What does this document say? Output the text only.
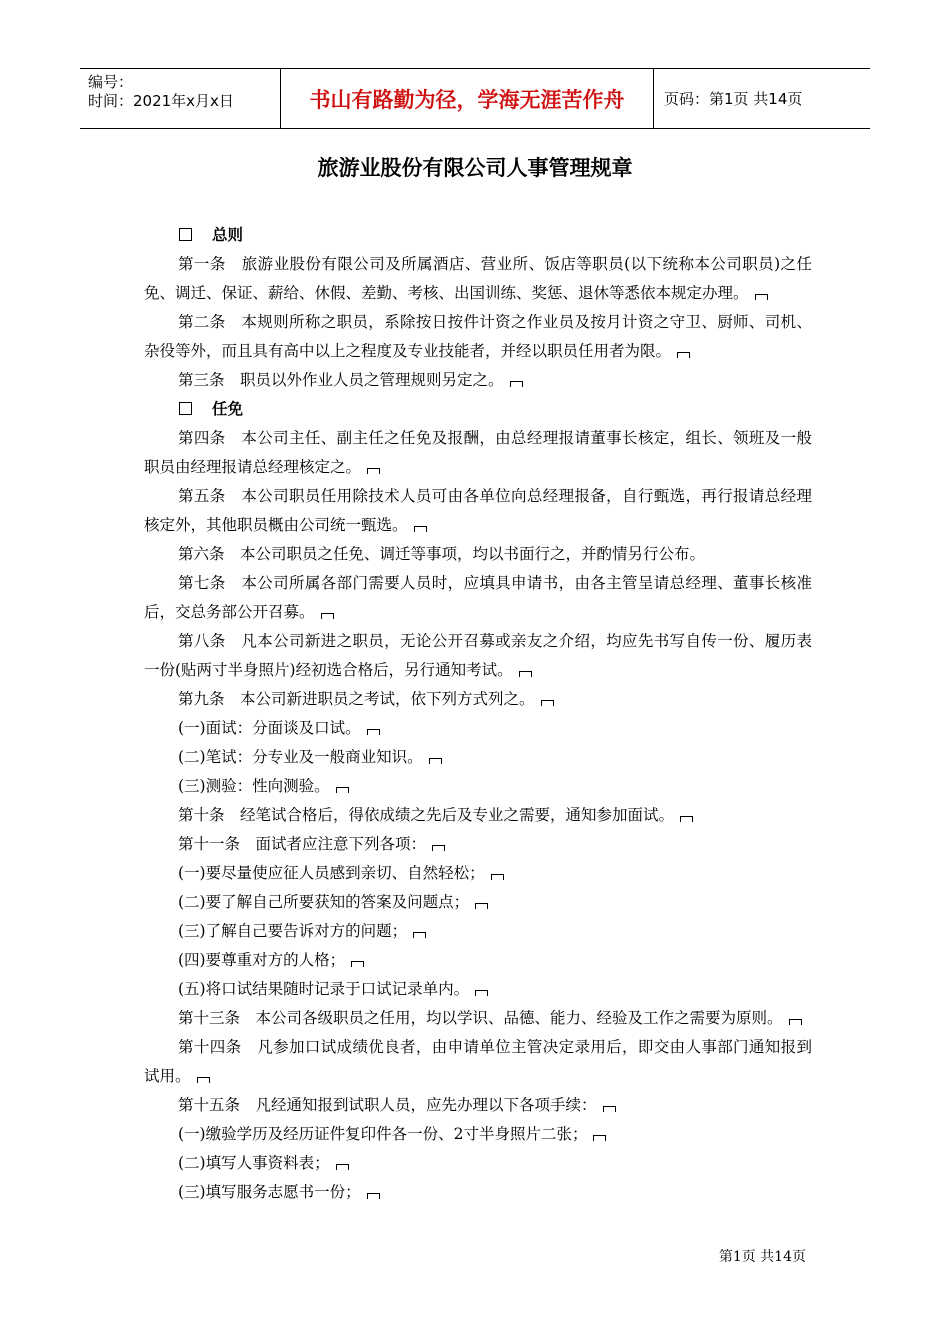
编号：
时间：2021年x月x日	书山有路勤为径，学海无涯苦作舟	页码：第1页 共14页
旅游业股份有限公司人事管理规章
总则

第一条　旅游业股份有限公司及所属酒店、营业所、饭店等职员(以下统称本公司职员)之任免、调迁、保证、薪给、休假、差勤、考核、出国训练、奖惩、退休等悉依本规定办理。

第二条　本规则所称之职员，系除按日按件计资之作业员及按月计资之守卫、厨师、司机、杂役等外，而且具有高中以上之程度及专业技能者，并经以职员任用者为限。

第三条　职员以外作业人员之管理规则另定之。

任免

第四条　本公司主任、副主任之任免及报酬，由总经理报请董事长核定，组长、领班及一般职员由经理报请总经理核定之。

第五条　本公司职员任用除技术人员可由各单位向总经理报备，自行甄选，再行报请总经理核定外，其他职员概由公司统一甄选。

第六条　本公司职员之任免、调迁等事项，均以书面行之，并酌情另行公布。

第七条　本公司所属各部门需要人员时，应填具申请书，由各主管呈请总经理、董事长核准后，交总务部公开召募。

第八条　凡本公司新进之职员，无论公开召募或亲友之介绍，均应先书写自传一份、履历表一份(贴两寸半身照片)经初选合格后，另行通知考试。

第九条　本公司新进职员之考试，依下列方式列之。

(一)面试：分面谈及口试。

(二)笔试：分专业及一般商业知识。

(三)测验：性向测验。

第十条　经笔试合格后，得依成绩之先后及专业之需要，通知参加面试。

第十一条　面试者应注意下列各项：

(一)要尽量使应征人员感到亲切、自然轻松；

(二)要了解自己所要获知的答案及问题点；

(三)了解自己要告诉对方的问题；

(四)要尊重对方的人格；

(五)将口试结果随时记录于口试记录单内。

第十三条　本公司各级职员之任用，均以学识、品德、能力、经验及工作之需要为原则。

第十四条　凡参加口试成绩优良者，由申请单位主管决定录用后，即交由人事部门通知报到试用。

第十五条　凡经通知报到试职人员，应先办理以下各项手续：

(一)缴验学历及经历证件复印件各一份、2寸半身照片二张；

(二)填写人事资料表；

(三)填写服务志愿书一份；

第1页 共14页
